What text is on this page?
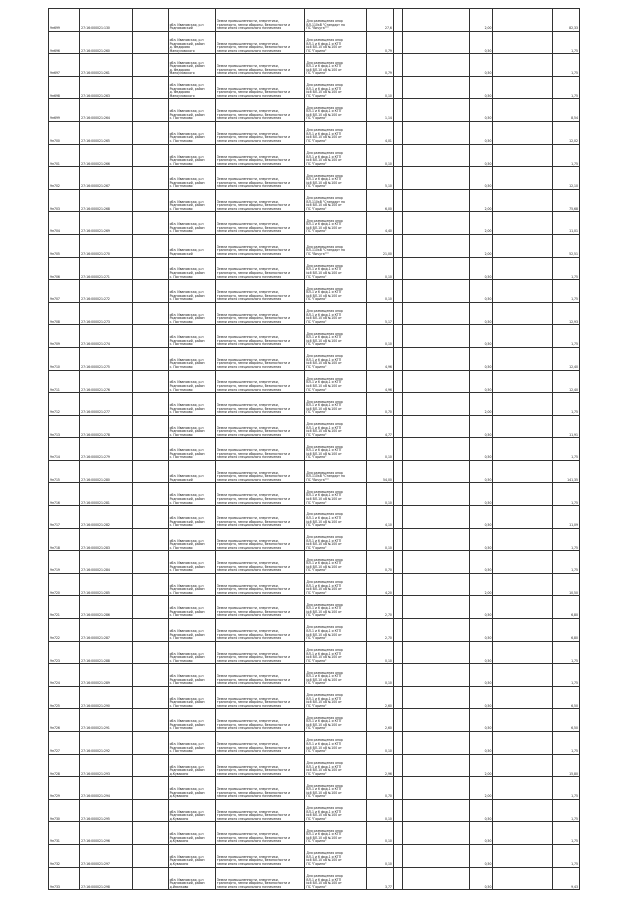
9н699	27:16:000021:130		обл. Ивановская, р-н
Родниковский	Земли промышленности, энергетики,
транспорта, земли обороны, безопасности и
земли иного специального назначения	Для размещения опор
ВЛ-110кВ "Стандарт на
ПС "Вичуга"""	27,6			2,00		82,33
9н696	27:16:000021:260		обл. Ивановская, р-н
Родниковский, район
д. Федорово
Маноуловского	Земли промышленности, энергетики,
транспорта, земли обороны, безопасности и
земли иного специального назначения	Для размещения опор
ВЛ-1 и 6 фид.1 и КТП
№6 ВЛ-10 кВ №100 от
ПС "Горино"	0,79			0,50		1,75
9н697	27:16:000021:261		обл. Ивановская, р-н
Родниковский, район
д. Федорово
Маноуловского	Земли промышленности, энергетики,
транспорта, земли обороны, безопасности и
земли иного специального назначения	Для размещения опор
ВЛ-1 и 6 фид.1 и КТП
№6 ВЛ-10 кВ №100 от
ПС "Горино"	0,79			0,50		1,75
9н698	27:16:000021:263		обл. Ивановская, р-н
Родниковский, район
д. Федорово
Маноуловского	Земли промышленности, энергетики,
транспорта, земли обороны, безопасности и
земли иного специального назначения	Для размещения опор
ВЛ-1 и 6 фид.1 и КТП
№6 ВЛ-10 кВ №100 от
ПС "Горино"	0,10			0,50		1,75
9н699	27:16:000021:264		обл. Ивановская, р-н
Родниковский, район
с. Постниково	Земли промышленности, энергетики,
транспорта, земли обороны, безопасности и
земли иного специального назначения	Для размещения опор
ВЛ-1 и 6 фид.1 и КТП
№6 ВЛ-10 кВ №100 от
ПС "Горино"	1,14			0,50		8,54
9н700	27:16:000021:265		обл. Ивановская, р-н
Родниковский, район
с. Постниково	Земли промышленности, энергетики,
транспорта, земли обороны, безопасности и
земли иного специального назначения	Для размещения опор
ВЛ-1 и 6 фид.1 и КТП
№6 ВЛ-10 кВ №100 от
ПС "Горино"	4,01			0,50		12,02
9н701	27:16:000021:266		обл. Ивановская, р-н
Родниковский, район
с. Постниково	Земли промышленности, энергетики,
транспорта, земли обороны, безопасности и
земли иного специального назначения	Для размещения опор
ВЛ-1 и 6 фид.1 и КТП
№6 ВЛ-10 кВ №100 от
ПС "Горино"	0,10			0,50		1,75
9н702	27:16:000021:267		обл. Ивановская, р-н
Родниковский, район
с. Постниково	Земли промышленности, энергетики,
транспорта, земли обороны, безопасности и
земли иного специального назначения	Для размещения опор
ВЛ-1 и 6 фид.1 и КТП
№6 ВЛ-10 кВ №100 от
ПС "Горино"	5,10			0,50		12,10
9н703	27:16:000021:268		обл. Ивановская, р-н
Родниковский, район
с. Постниково	Земли промышленности, энергетики,
транспорта, земли обороны, безопасности и
земли иного специального назначения	Для размещения опор
ВЛ-110кВ "Стандарт на
№6 ВЛ-10 кВ №100 от
ПС "Горино"	6,00			2,00		75,68
9н704	27:16:000021:269		обл. Ивановская, р-н
Родниковский, район
с. Постниково	Земли промышленности, энергетики,
транспорта, земли обороны, безопасности и
земли иного специального назначения	Для размещения опор
ВЛ-1 и 6 фид.1 и КТП
№6 ВЛ-10 кВ №100 от
ПС "Горино"	4,40			2,00		11,01
9н705	27:16:000021:270		обл. Ивановская, р-н
Родниковский	Земли промышленности, энергетики,
транспорта, земли обороны, безопасности и
земли иного специального назначения	Для размещения опор
ВЛ-110кВ "Стандарт на
ПС "Вичуга"""	21,00			2,00		52,51
9н706	27:16:000021:271		обл. Ивановская, р-н
Родниковский, район
с. Постниково	Земли промышленности, энергетики,
транспорта, земли обороны, безопасности и
земли иного специального назначения	Для размещения опор
ВЛ-1 и 6 фид.1 и КТП
№6 ВЛ-10 кВ №100 от
ПС "Горино"	0,10			0,50		1,75
9н707	27:16:000021:272		обл. Ивановская, р-н
Родниковский, район
с. Постниково	Земли промышленности, энергетики,
транспорта, земли обороны, безопасности и
земли иного специального назначения	Для размещения опор
ВЛ-1 и 6 фид.1 и КТП
№6 ВЛ-10 кВ №100 от
ПС "Горино"	0,10			0,50		1,75
9н708	27:16:000021:273		обл. Ивановская, р-н
Родниковский, район
с. Постниково	Земли промышленности, энергетики,
транспорта, земли обороны, безопасности и
земли иного специального назначения	Для размещения опор
ВЛ-1 и 6 фид.1 и КТП
№6 ВЛ-10 кВ №100 от
ПС "Горино"	5,17			0,50		12,93
9н709	27:16:000021:274		обл. Ивановская, р-н
Родниковский, район
с. Постниково	Земли промышленности, энергетики,
транспорта, земли обороны, безопасности и
земли иного специального назначения	Для размещения опор
ВЛ-1 и 6 фид.1 и КТП
№6 ВЛ-10 кВ №100 от
ПС "Горино"	0,10			0,50		1,75
9н710	27:16:000021:275		обл. Ивановская, р-н
Родниковский, район
с. Постниково	Земли промышленности, энергетики,
транспорта, земли обороны, безопасности и
земли иного специального назначения	Для размещения опор
ВЛ-1 и 6 фид.1 и КТП
№6 ВЛ-10 кВ №100 от
ПС "Горино"	4,96			0,50		12,40
9н711	27:16:000021:276		обл. Ивановская, р-н
Родниковский, район
с. Постниково	Земли промышленности, энергетики,
транспорта, земли обороны, безопасности и
земли иного специального назначения	Для размещения опор
ВЛ-1 и 6 фид.1 и КТП
№6 ВЛ-10 кВ №100 от
ПС "Горино"	4,96			0,50		12,40
9н712	27:16:000021:277		обл. Ивановская, р-н
Родниковский, район
с. Постниково	Земли промышленности, энергетики,
транспорта, земли обороны, безопасности и
земли иного специального назначения	Для размещения опор
ВЛ-1 и 6 фид.1 и КТП
№6 ВЛ-10 кВ №100 от
ПС "Горино"	0,70			2,00		1,75
9н713	27:16:000021:278		обл. Ивановская, р-н
Родниковский, район
с. Постниково	Земли промышленности, энергетики,
транспорта, земли обороны, безопасности и
земли иного специального назначения	Для размещения опор
ВЛ-1 и 6 фид.1 и КТП
№6 ВЛ-10 кВ №100 от
ПС "Горино"	4,77			0,50		11,91
9н714	27:16:000021:279		обл. Ивановская, р-н
Родниковский, район
с. Постниково	Земли промышленности, энергетики,
транспорта, земли обороны, безопасности и
земли иного специального назначения	Для размещения опор
ВЛ-1 и 6 фид.1 и КТП
№6 ВЛ-10 кВ №100 от
ПС "Горино"	0,10			0,50		1,75
9н715	27:16:000021:280		обл. Ивановская, р-н
Родниковский	Земли промышленности, энергетики,
транспорта, земли обороны, безопасности и
земли иного специального назначения	Для размещения опор
ВЛ-110кВ "Стандарт на
ПС "Вичуга"""	54,00			0,50		141,35
9н716	27:16:000021:281		обл. Ивановская, р-н
Родниковский, район
с. Постниково	Земли промышленности, энергетики,
транспорта, земли обороны, безопасности и
земли иного специального назначения	Для размещения опор
ВЛ-1 и 6 фид.1 и КТП
№6 ВЛ-10 кВ №100 от
ПС "Горино"	0,10			0,50		1,75
9н717	27:16:000021:282		обл. Ивановская, р-н
Родниковский, район
с. Постниково	Земли промышленности, энергетики,
транспорта, земли обороны, безопасности и
земли иного специального назначения	Для размещения опор
ВЛ-1 и 6 фид.1 и КТП
№6 ВЛ-10 кВ №100 от
ПС "Горино"	4,10			0,50		11,09
9н718	27:16:000021:283		обл. Ивановская, р-н
Родниковский, район
с. Постниково	Земли промышленности, энергетики,
транспорта, земли обороны, безопасности и
земли иного специального назначения	Для размещения опор
ВЛ-1 и 6 фид.1 и КТП
№6 ВЛ-10 кВ №100 от
ПС "Горино"	0,10			0,50		1,75
9н719	27:16:000021:284		обл. Ивановская, р-н
Родниковский, район
с. Постниково	Земли промышленности, энергетики,
транспорта, земли обороны, безопасности и
земли иного специального назначения	Для размещения опор
ВЛ-1 и 6 фид.1 и КТП
№6 ВЛ-10 кВ №100 от
ПС "Горино"	0,70			0,50		1,75
9н720	27:16:000021:285		обл. Ивановская, р-н
Родниковский, район
с. Постниково	Земли промышленности, энергетики,
транспорта, земли обороны, безопасности и
земли иного специального назначения	Для размещения опор
ВЛ-1 и 6 фид.1 и КТП
№6 ВЛ-10 кВ №100 от
ПС "Горино"	4,20			2,00		10,50
9н721	27:16:000021:286		обл. Ивановская, р-н
Родниковский, район
с. Постниково	Земли промышленности, энергетики,
транспорта, земли обороны, безопасности и
земли иного специального назначения	Для размещения опор
ВЛ-1 и 6 фид.1 и КТП
№6 ВЛ-10 кВ №100 от
ПС "Горино"	2,70			0,50		6,80
9н722	27:16:000021:287		обл. Ивановская, р-н
Родниковский, район
с. Постниково	Земли промышленности, энергетики,
транспорта, земли обороны, безопасности и
земли иного специального назначения	Для размещения опор
ВЛ-1 и 6 фид.1 и КТП
№6 ВЛ-10 кВ №100 от
ПС "Горино"	2,70			0,50		6,80
9н723	27:16:000021:288		обл. Ивановская, р-н
Родниковский, район
с. Постниково	Земли промышленности, энергетики,
транспорта, земли обороны, безопасности и
земли иного специального назначения	Для размещения опор
ВЛ-1 и 6 фид.1 и КТП
№6 ВЛ-10 кВ №100 от
ПС "Горино"	0,10			0,50		1,75
9н724	27:16:000021:289		обл. Ивановская, р-н
Родниковский, район
с. Постниково	Земли промышленности, энергетики,
транспорта, земли обороны, безопасности и
земли иного специального назначения	Для размещения опор
ВЛ-1 и 6 фид.1 и КТП
№6 ВЛ-10 кВ №100 от
ПС "Горино"	0,10			0,50		1,75
9н725	27:16:000021:290		обл. Ивановская, р-н
Родниковский, район
с. Постниково	Земли промышленности, энергетики,
транспорта, земли обороны, безопасности и
земли иного специального назначения	Для размещения опор
ВЛ-1 и 6 фид.1 и КТП
№6 ВЛ-10 кВ №100 от
ПС "Горино"	2,60			0,50		6,50
9н726	27:16:000021:291		обл. Ивановская, р-н
Родниковский, район
с. Постниково	Земли промышленности, энергетики,
транспорта, земли обороны, безопасности и
земли иного специального назначения	Для размещения опор
ВЛ-1 и 6 фид.1 и КТП
№6 ВЛ-10 кВ №100 от
ПС "Горино"	2,60			0,50		6,50
9н727	27:16:000021:292		обл. Ивановская, р-н
Родниковский, район
с. Постниково	Земли промышленности, энергетики,
транспорта, земли обороны, безопасности и
земли иного специального назначения	Для размещения опор
ВЛ-1 и 6 фид.1 и КТП
№6 ВЛ-10 кВ №100 от
ПС "Горино"	0,10			0,50		1,75
9н728	27:16:000021:293		обл. Ивановская, р-н
Родниковский, район
д.Кувакино	Земли промышленности, энергетики,
транспорта, земли обороны, безопасности и
земли иного специального назначения	Для размещения опор
ВЛ-1 и 6 фид.1 и КТП
№6 ВЛ-10 кВ №100 от
ПС "Горино"	2,96			2,00		15,80
9н729	27:16:000021:294		обл. Ивановская, р-н
Родниковский, район
д.Кувакино	Земли промышленности, энергетики,
транспорта, земли обороны, безопасности и
земли иного специального назначения	Для размещения опор
ВЛ-1 и 6 фид.1 и КТП
№6 ВЛ-10 кВ №100 от
ПС "Горино"	0,70			2,00		1,75
9н730	27:16:000021:295		обл. Ивановская, р-н
Родниковский, район
д.Кувакино	Земли промышленности, энергетики,
транспорта, земли обороны, безопасности и
земли иного специального назначения	Для размещения опор
ВЛ-1 и 6 фид.1 и КТП
№6 ВЛ-10 кВ №100 от
ПС "Горино"	0,10			0,50		1,75
9н731	27:16:000021:296		обл. Ивановская, р-н
Родниковский, район
д.Кувакино	Земли промышленности, энергетики,
транспорта, земли обороны, безопасности и
земли иного специального назначения	Для размещения опор
ВЛ-1 и 6 фид.1 и КТП
№6 ВЛ-10 кВ №100 от
ПС "Горино"	0,10			0,50		1,75
9н732	27:16:000021:297		обл. Ивановская, р-н
Родниковский, район
д.Кувакино	Земли промышленности, энергетики,
транспорта, земли обороны, безопасности и
земли иного специального назначения	Для размещения опор
ВЛ-1 и 6 фид.1 и КТП
№6 ВЛ-10 кВ №100 от
ПС "Горино"	0,10			0,50		1,75
9н733	27:16:000021:298		обл. Ивановская, р-н
Родниковский, район
д.Иванково	Земли промышленности, энергетики,
транспорта, земли обороны, безопасности и
земли иного специального назначения	Для размещения опор
ВЛ-1 и 6 фид.1 и КТП
№6 ВЛ-10 кВ №100 от
ПС "Горино"	3,77			0,50		9,43
